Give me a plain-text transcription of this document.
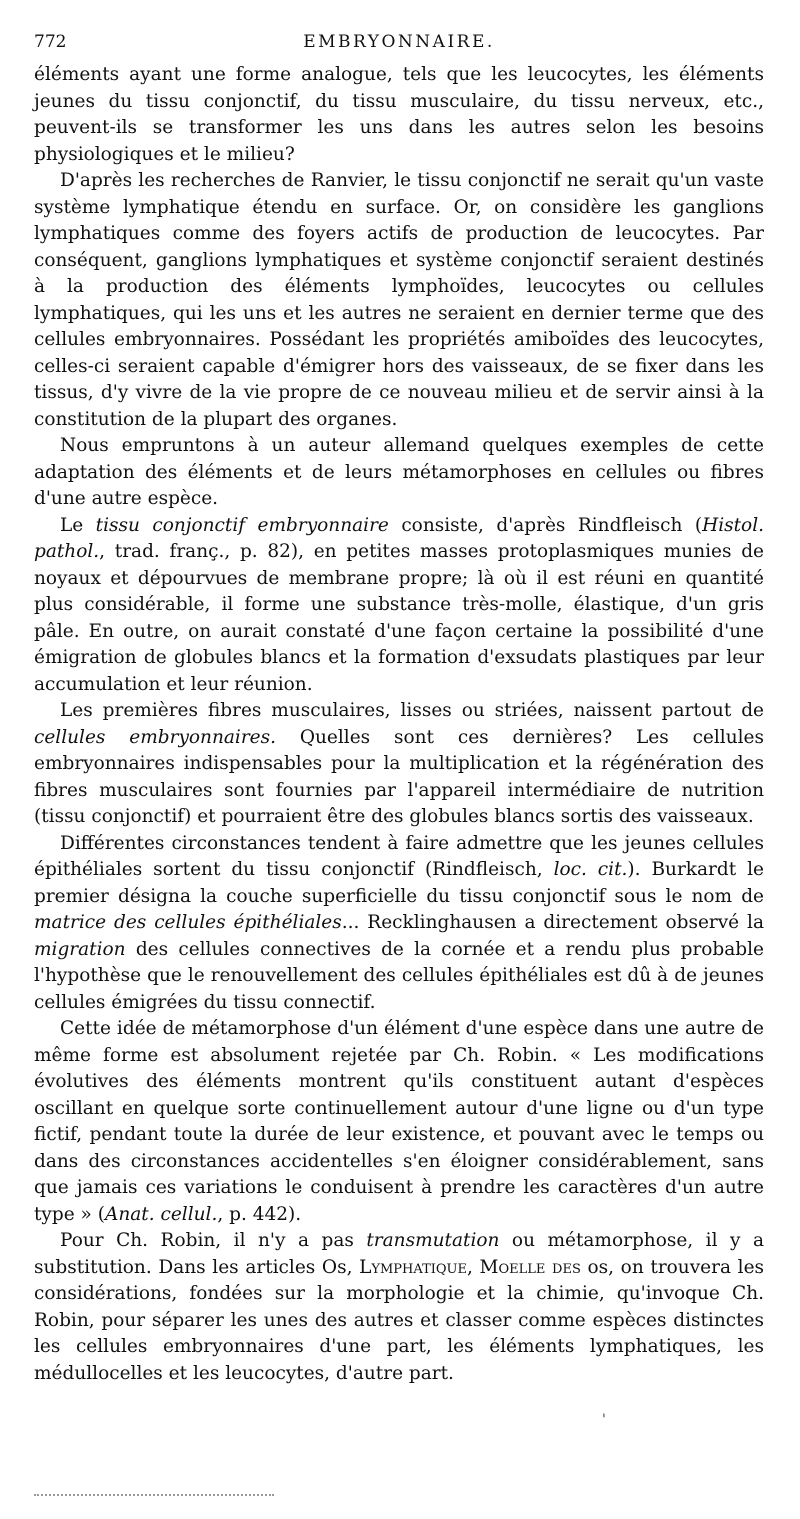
772	EMBRYONNAIRE.

éléments ayant une forme analogue, tels que les leucocytes, les éléments jeunes du tissu conjonctif, du tissu musculaire, du tissu nerveux, etc., peuvent-ils se transformer les uns dans les autres selon les besoins physiologiques et le milieu?

D'après les recherches de Ranvier, le tissu conjonctif ne serait qu'un vaste système lymphatique étendu en surface. Or, on considère les ganglions lymphatiques comme des foyers actifs de production de leucocytes. Par conséquent, ganglions lymphatiques et système conjonctif seraient destinés à la production des éléments lymphoïdes, leucocytes ou cellules lymphatiques, qui les uns et les autres ne seraient en dernier terme que des cellules embryonnaires. Possédant les propriétés amiboïdes des leucocytes, celles-ci seraient capable d'émigrer hors des vaisseaux, de se fixer dans les tissus, d'y vivre de la vie propre de ce nouveau milieu et de servir ainsi à la constitution de la plupart des organes.

Nous empruntons à un auteur allemand quelques exemples de cette adaptation des éléments et de leurs métamorphoses en cellules ou fibres d'une autre espèce.

Le tissu conjonctif embryonnaire consiste, d'après Rindfleisch (Histol. pathol., trad. franç., p. 82), en petites masses protoplasmiques munies de noyaux et dépourvues de membrane propre; là où il est réuni en quantité plus considérable, il forme une substance très-molle, élastique, d'un gris pâle. En outre, on aurait constaté d'une façon certaine la possibilité d'une émigration de globules blancs et la formation d'exsudats plastiques par leur accumulation et leur réunion.

Les premières fibres musculaires, lisses ou striées, naissent partout de cellules embryonnaires. Quelles sont ces dernières? Les cellules embryonnaires indispensables pour la multiplication et la régénération des fibres musculaires sont fournies par l'appareil intermédiaire de nutrition (tissu conjonctif) et pourraient être des globules blancs sortis des vaisseaux.

Différentes circonstances tendent à faire admettre que les jeunes cellules épithéliales sortent du tissu conjonctif (Rindfleisch, loc. cit.). Burkardt le premier désigna la couche superficielle du tissu conjonctif sous le nom de matrice des cellules épithéliales... Recklinghausen a directement observé la migration des cellules connectives de la cornée et a rendu plus probable l'hypothèse que le renouvellement des cellules épithéliales est dû à de jeunes cellules émigrées du tissu connectif.

Cette idée de métamorphose d'un élément d'une espèce dans une autre de même forme est absolument rejetée par Ch. Robin. « Les modifications évolutives des éléments montrent qu'ils constituent autant d'espèces oscillant en quelque sorte continuellement autour d'une ligne ou d'un type fictif, pendant toute la durée de leur existence, et pouvant avec le temps ou dans des circonstances accidentelles s'en éloigner considérablement, sans que jamais ces variations le conduisent à prendre les caractères d'un autre type » (Anat. cellul., p. 442).

Pour Ch. Robin, il n'y a pas transmutation ou métamorphose, il y a substitution. Dans les articles Os, Lymphatique, Moelle des os, on trouvera les considérations, fondées sur la morphologie et la chimie, qu'invoque Ch. Robin, pour séparer les unes des autres et classer comme espèces distinctes les cellules embryonnaires d'une part, les éléments lymphatiques, les médullocelles et les leucocytes, d'autre part.

'
